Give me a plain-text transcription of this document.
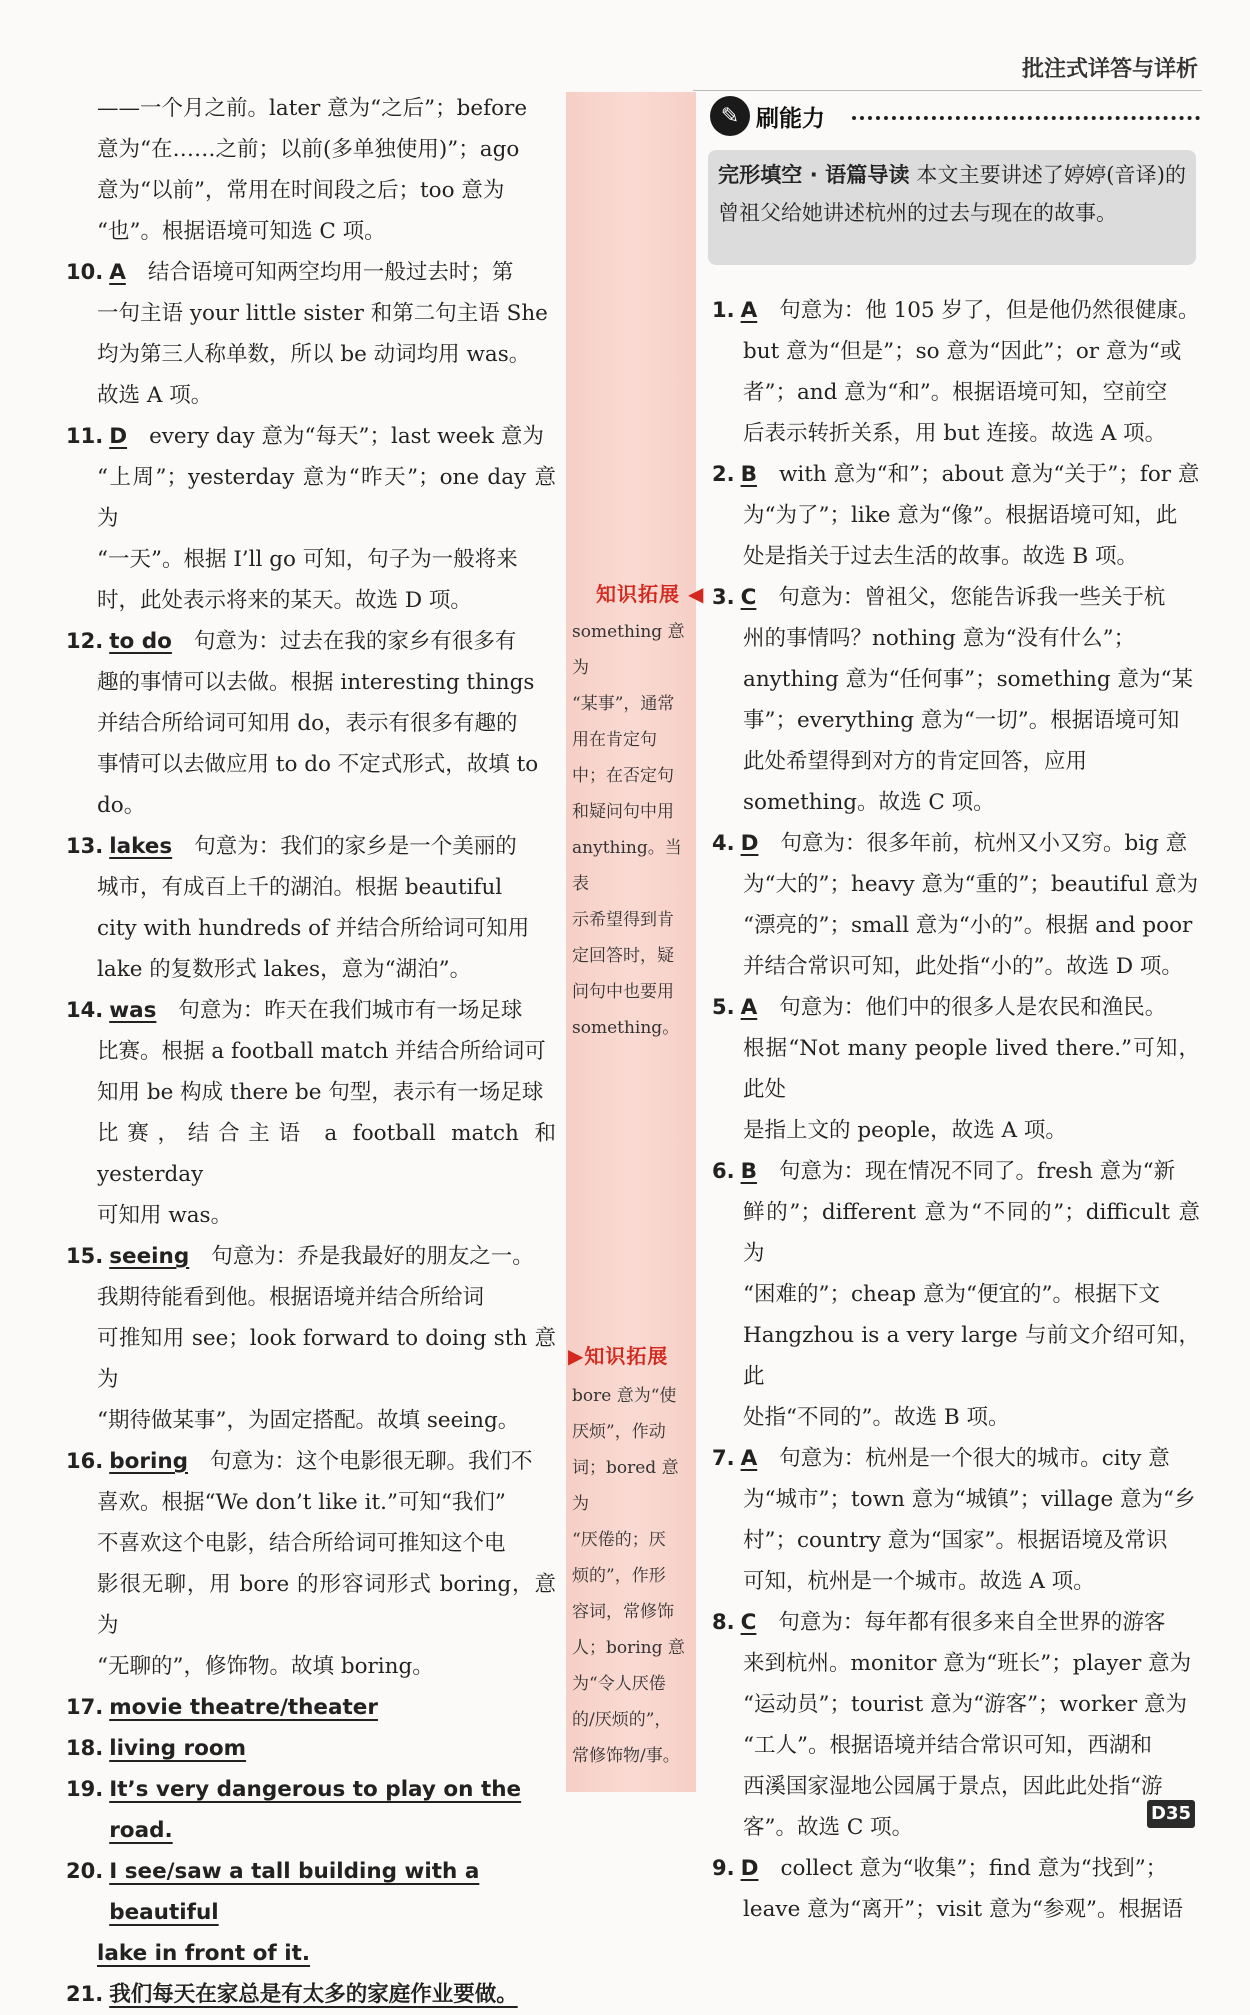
批注式详答与详析
知识拓展 ◀
something 意为
“某事”，通常
用在肯定句
中；在否定句
和疑问句中用
anything。当表
示希望得到肯
定回答时，疑
问句中也要用
something。
▶知识拓展
bore 意为“使
厌烦”，作动
词；bored 意为
“厌倦的；厌
烦的”，作形
容词，常修饰
人；boring 意
为“令人厌倦
的/厌烦的”，
常修饰物/事。
——一个月之前。later 意为“之后”；before
意为“在……之前；以前(多单独使用)”；ago
意为“以前”，常用在时间段之后；too 意为
“也”。根据语境可知选 C 项。
10. A 结合语境可知两空均用一般过去时；第
一句主语 your little sister 和第二句主语 She
均为第三人称单数，所以 be 动词均用 was。
故选 A 项。
11. D every day 意为“每天”；last week 意为
“上周”；yesterday 意为“昨天”；one day 意为
“一天”。根据 I’ll go 可知，句子为一般将来
时，此处表示将来的某天。故选 D 项。
12. to do 句意为：过去在我的家乡有很多有
趣的事情可以去做。根据 interesting things
并结合所给词可知用 do，表示有很多有趣的
事情可以去做应用 to do 不定式形式，故填 to
do。
13. lakes 句意为：我们的家乡是一个美丽的
城市，有成百上千的湖泊。根据 beautiful
city with hundreds of 并结合所给词可知用
lake 的复数形式 lakes，意为“湖泊”。
14. was 句意为：昨天在我们城市有一场足球
比赛。根据 a football match 并结合所给词可
知用 be 构成 there be 句型，表示有一场足球
比赛，结合主语 a football match 和 yesterday
可知用 was。
15. seeing 句意为：乔是我最好的朋友之一。
我期待能看到他。根据语境并结合所给词
可推知用 see；look forward to doing sth 意为
“期待做某事”，为固定搭配。故填 seeing。
16. boring 句意为：这个电影很无聊。我们不
喜欢。根据“We don’t like it.”可知“我们”
不喜欢这个电影，结合所给词可推知这个电
影很无聊，用 bore 的形容词形式 boring，意为
“无聊的”，修饰物。故填 boring。
17. movie theatre/theater
18. living room
19. It’s very dangerous to play on the road.
20. I see/saw a tall building with a beautiful
lake in front of it.
21. 我们每天在家总是有太多的家庭作业要做。
✎ 刷能力
完形填空 · 语篇导读 本文主要讲述了婷婷(音译)的曾祖父给她讲述杭州的过去与现在的故事。
1. A 句意为：他 105 岁了，但是他仍然很健康。
but 意为“但是”；so 意为“因此”；or 意为“或
者”；and 意为“和”。根据语境可知，空前空
后表示转折关系，用 but 连接。故选 A 项。
2. B with 意为“和”；about 意为“关于”；for 意
为“为了”；like 意为“像”。根据语境可知，此
处是指关于过去生活的故事。故选 B 项。
3. C 句意为：曾祖父，您能告诉我一些关于杭
州的事情吗？nothing 意为“没有什么”；
anything 意为“任何事”；something 意为“某
事”；everything 意为“一切”。根据语境可知
此处希望得到对方的肯定回答，应用
something。故选 C 项。
4. D 句意为：很多年前，杭州又小又穷。big 意
为“大的”；heavy 意为“重的”；beautiful 意为
“漂亮的”；small 意为“小的”。根据 and poor
并结合常识可知，此处指“小的”。故选 D 项。
5. A 句意为：他们中的很多人是农民和渔民。
根据“Not many people lived there.”可知，此处
是指上文的 people，故选 A 项。
6. B 句意为：现在情况不同了。fresh 意为“新
鲜的”；different 意为“不同的”；difficult 意为
“困难的”；cheap 意为“便宜的”。根据下文
Hangzhou is a very large 与前文介绍可知，此
处指“不同的”。故选 B 项。
7. A 句意为：杭州是一个很大的城市。city 意
为“城市”；town 意为“城镇”；village 意为“乡
村”；country 意为“国家”。根据语境及常识
可知，杭州是一个城市。故选 A 项。
8. C 句意为：每年都有很多来自全世界的游客
来到杭州。monitor 意为“班长”；player 意为
“运动员”；tourist 意为“游客”；worker 意为
“工人”。根据语境并结合常识可知，西湖和
西溪国家湿地公园属于景点，因此此处指“游
客”。故选 C 项。
9. D collect 意为“收集”；find 意为“找到”；
leave 意为“离开”；visit 意为“参观”。根据语
D35
